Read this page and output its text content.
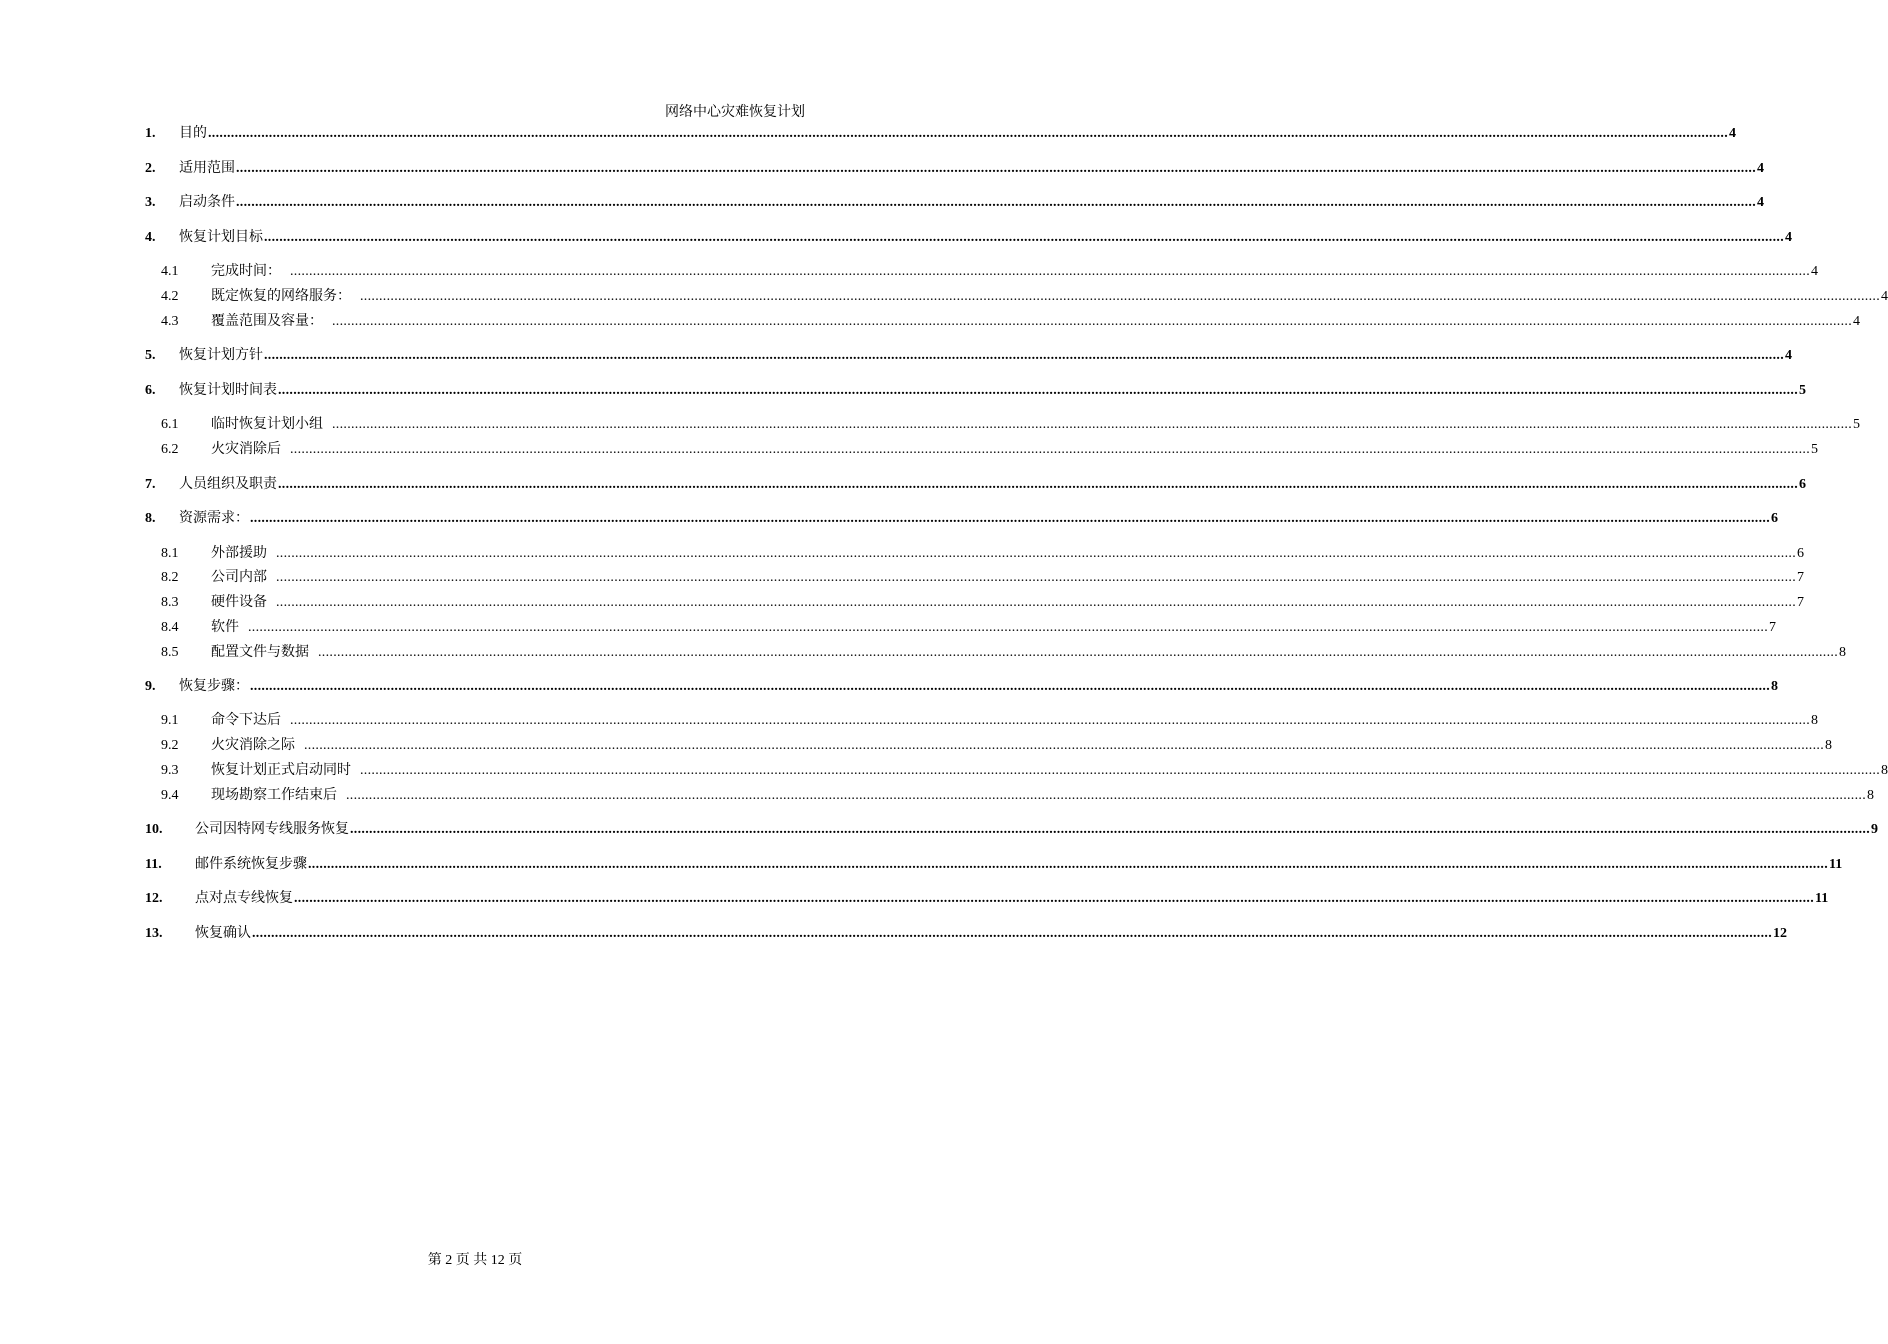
网络中心灾难恢复计划
1.	目的 ................................................................................................................................................................................................................................................................................................................................................................................................................ 4
2.	适用范围 ................................................................................................................................................................................................................................................................................................................................................................................................................ 4
3.	启动条件 ................................................................................................................................................................................................................................................................................................................................................................................................................ 4
4.	恢复计划目标 ................................................................................................................................................................................................................................................................................................................................................................................................................ 4
4.1	完成时间： ................................................................................................................................................................................................................................................................................................................................................................................................................ 4
4.2	既定恢复的网络服务： ................................................................................................................................................................................................................................................................................................................................................................................................................ 4
4.3	覆盖范围及容量： ................................................................................................................................................................................................................................................................................................................................................................................................................ 4
5.	恢复计划方针 ................................................................................................................................................................................................................................................................................................................................................................................................................ 4
6.	恢复计划时间表 ................................................................................................................................................................................................................................................................................................................................................................................................................ 5
6.1	临时恢复计划小组 ................................................................................................................................................................................................................................................................................................................................................................................................................ 5
6.2	火灾消除后 ................................................................................................................................................................................................................................................................................................................................................................................................................ 5
7.	人员组织及职责 ................................................................................................................................................................................................................................................................................................................................................................................................................ 6
8.	资源需求： ................................................................................................................................................................................................................................................................................................................................................................................................................ 6
8.1	外部援助 ................................................................................................................................................................................................................................................................................................................................................................................................................ 6
8.2	公司内部 ................................................................................................................................................................................................................................................................................................................................................................................................................ 7
8.3	硬件设备 ................................................................................................................................................................................................................................................................................................................................................................................................................ 7
8.4	软件 ................................................................................................................................................................................................................................................................................................................................................................................................................ 7
8.5	配置文件与数据 ................................................................................................................................................................................................................................................................................................................................................................................................................ 8
9.	恢复步骤： ................................................................................................................................................................................................................................................................................................................................................................................................................ 8
9.1	命令下达后 ................................................................................................................................................................................................................................................................................................................................................................................................................ 8
9.2	火灾消除之际 ................................................................................................................................................................................................................................................................................................................................................................................................................ 8
9.3	恢复计划正式启动同时 ................................................................................................................................................................................................................................................................................................................................................................................................................ 8
9.4	现场勘察工作结束后 ................................................................................................................................................................................................................................................................................................................................................................................................................ 8
10.	公司因特网专线服务恢复 ................................................................................................................................................................................................................................................................................................................................................................................................................ 9
11.	邮件系统恢复步骤 ................................................................................................................................................................................................................................................................................................................................................................................................................ 11
12.	点对点专线恢复 ................................................................................................................................................................................................................................................................................................................................................................................................................ 11
13.	恢复确认 ................................................................................................................................................................................................................................................................................................................................................................................................................ 12
第 2 页 共 12 页
